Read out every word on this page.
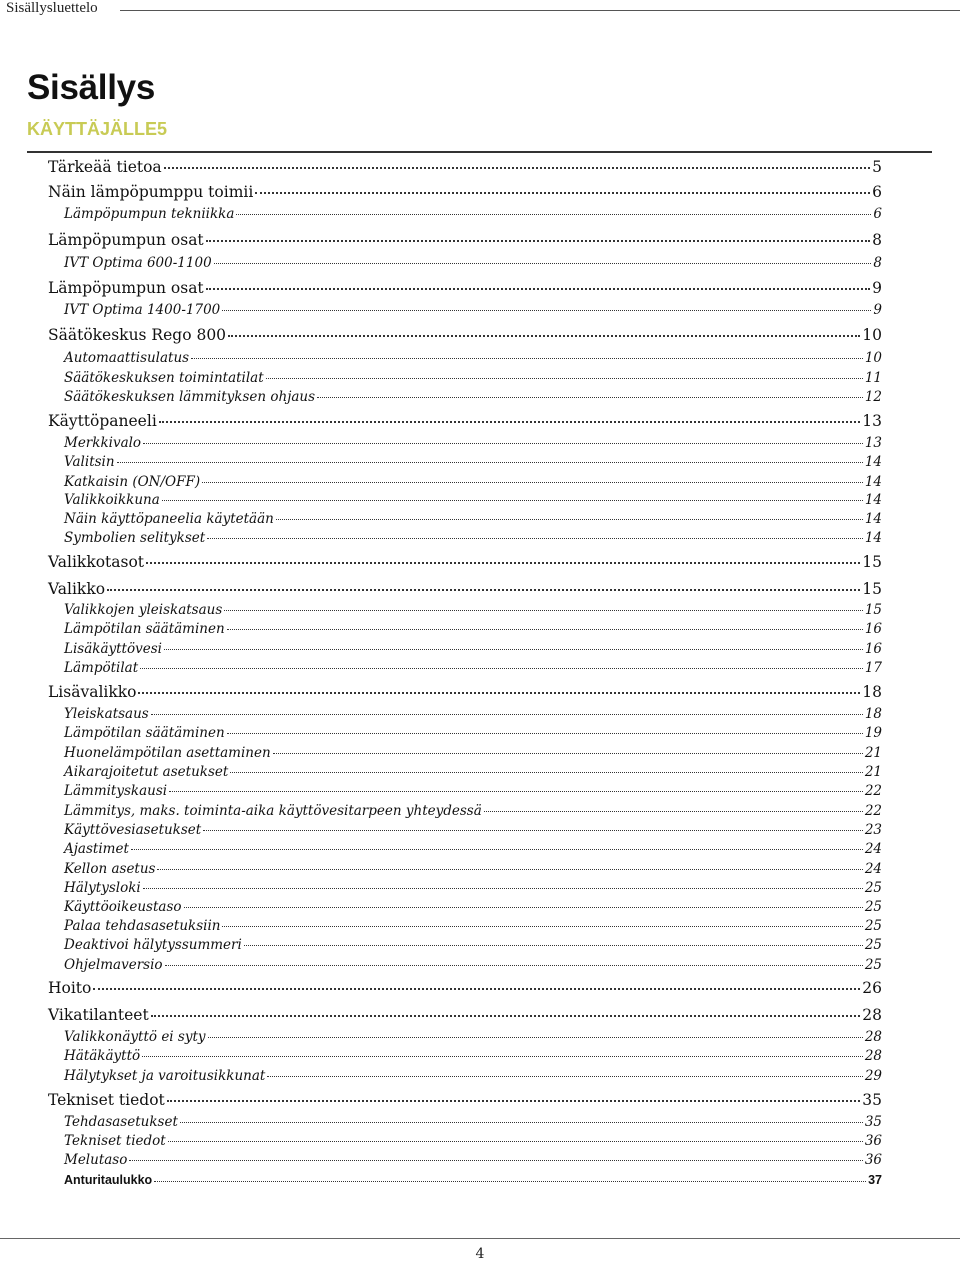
Sisällysluettelo
Sisällys
KÄYTTÄJÄLLE 5
Tärkeää tietoa	5
Näin lämpöpumppu toimii	6
Lämpöpumpun tekniikka	6
Lämpöpumpun osat	8
IVT Optima 600-1100	8
Lämpöpumpun osat	9
IVT Optima 1400-1700	9
Säätökeskus Rego 800	10
Automaattisulatus	10
Säätökeskuksen toimintatilat	11
Säätökeskuksen lämmityksen ohjaus	12
Käyttöpaneeli	13
Merkkivalo	13
Valitsin	14
Katkaisin (ON/OFF)	14
Valikkoikkuna	14
Näin käyttöpaneelia käytetään	14
Symbolien selitykset	14
Valikkotasot	15
Valikko	15
Valikkojen yleiskatsaus	15
Lämpötilan säätäminen	16
Lisäkäyttövesi	16
Lämpötilat	17
Lisävalikko	18
Yleiskatsaus	18
Lämpötilan säätäminen	19
Huonelämpötilan asettaminen	21
Aikarajoitetut asetukset	21
Lämmityskausi	22
Lämmitys, maks. toiminta-aika käyttövesitarpeen yhteydessä	22
Käyttövesiasetukset	23
Ajastimet	24
Kellon asetus	24
Hälytysloki	25
Käyttöoikeustaso	25
Palaa tehdasasetuksiin	25
Deaktivoi hälytyssummeri	25
Ohjelmaversio	25
Hoito	26
Vikatilanteet	28
Valikkonäyttö ei syty	28
Hätäkäyttö	28
Hälytykset ja varoitusikkunat	29
Tekniset tiedot	35
Tehdasasetukset	35
Tekniset tiedot	36
Melutaso	36
Anturitaulukko	37
4
